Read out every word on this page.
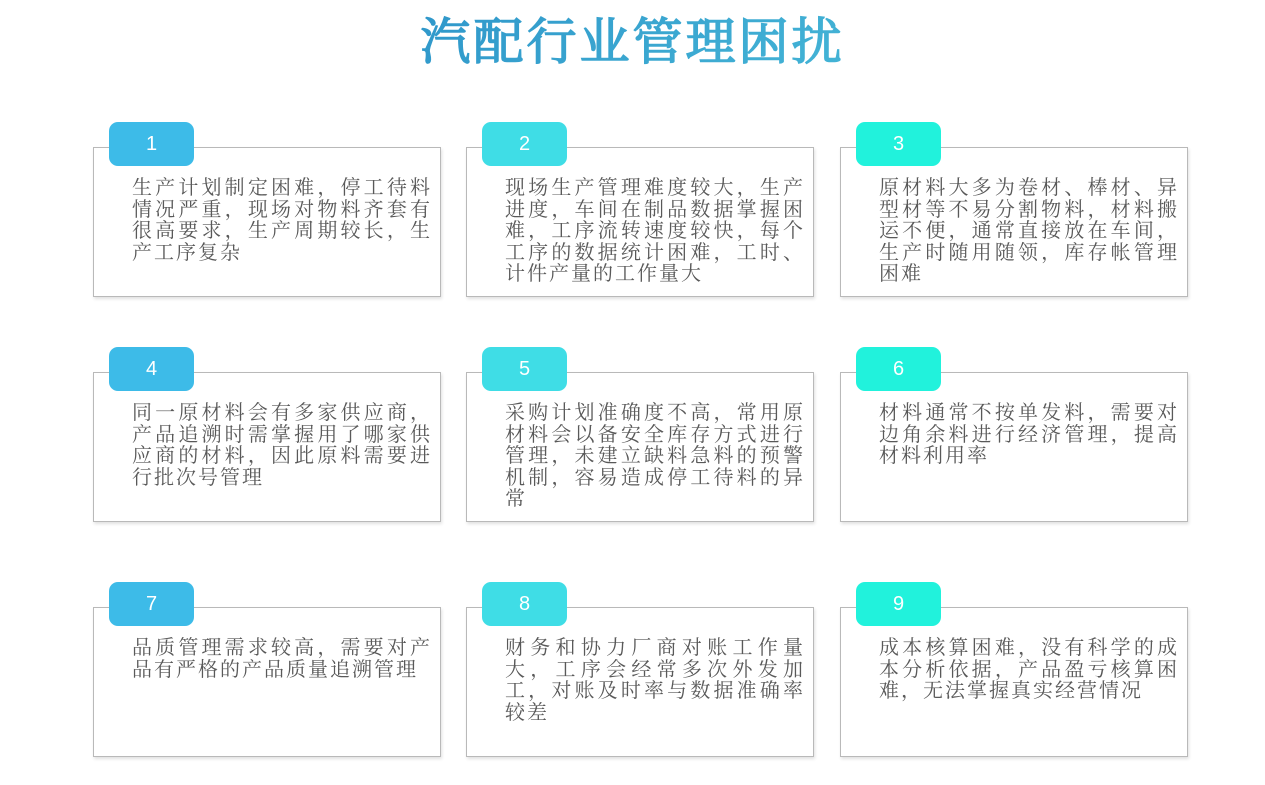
汽配行业管理困扰
1
生产计划制定困难，停工待料情况严重，现场对物料齐套有很高要求，生产周期较长，生产工序复杂
2
现场生产管理难度较大，生产进度，车间在制品数据掌握困难，工序流转速度较快，每个工序的数据统计困难，工时、计件产量的工作量大
3
原材料大多为卷材、棒材、异型材等不易分割物料，材料搬运不便，通常直接放在车间，生产时随用随领，库存帐管理困难
4
同一原材料会有多家供应商，产品追溯时需掌握用了哪家供应商的材料，因此原料需要进行批次号管理
5
采购计划准确度不高，常用原材料会以备安全库存方式进行管理，未建立缺料急料的预警机制，容易造成停工待料的异常
6
材料通常不按单发料，需要对边角余料进行经济管理，提高材料利用率
7
品质管理需求较高，需要对产品有严格的产品质量追溯管理
8
财务和协力厂商对账工作量大，工序会经常多次外发加工，对账及时率与数据准确率较差
9
成本核算困难，没有科学的成本分析依据，产品盈亏核算困难，无法掌握真实经营情况
